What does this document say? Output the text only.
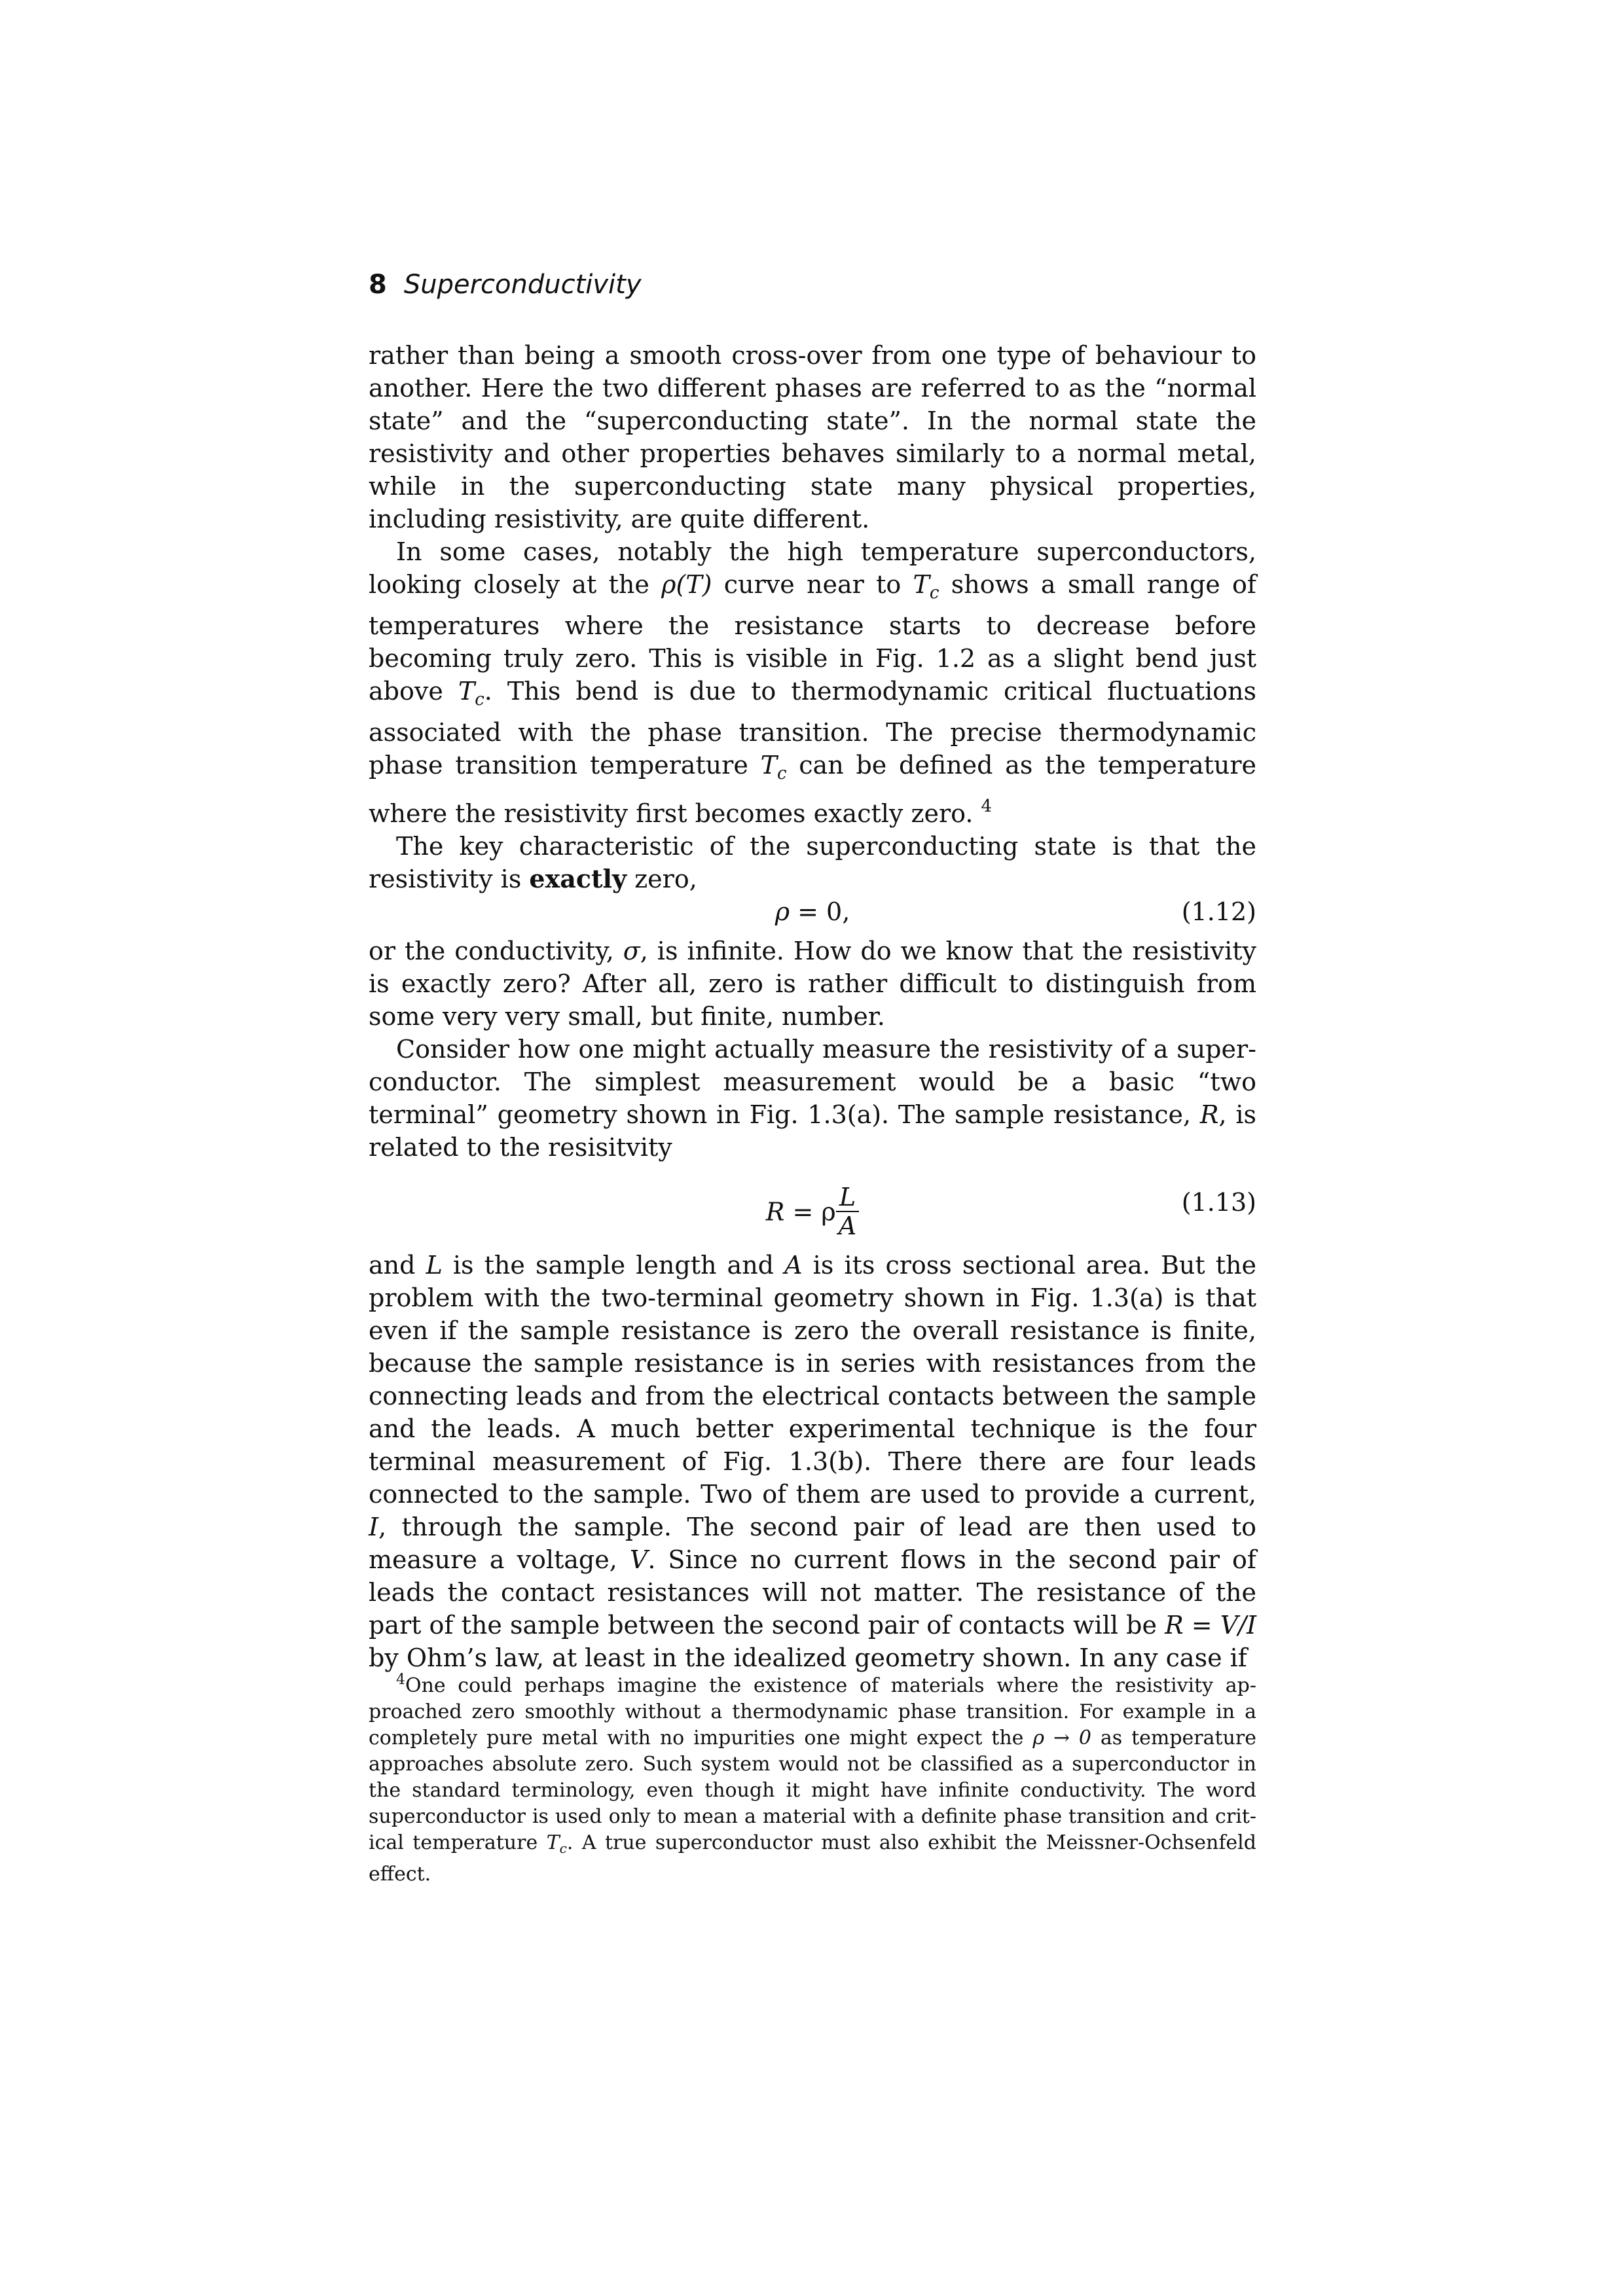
8 Superconductivity

rather than being a smooth cross-over from one type of behaviour to another. Here the two different phases are referred to as the “normal state” and the “superconducting state”. In the normal state the resistivity and other properties behaves similarly to a normal metal, while in the superconducting state many physical properties, including resistivity, are quite different.

In some cases, notably the high temperature superconductors, looking closely at the ρ(T) curve near to $T_c$ shows a small range of temperatures where the resistance starts to decrease before becoming truly zero. This is visible in Fig. 1.2 as a slight bend just above $T_c$. This bend is due to thermodynamic critical fluctuations associated with the phase transition. The precise thermodynamic phase transition temperature $T_c$ can be defined as the temperature where the resistivity first becomes exactly zero. $^4$

The key characteristic of the superconducting state is that the resistivity is exactly zero,

ρ = 0,	(1.12)

or the conductivity, σ, is infinite. How do we know that the resistivity is exactly zero? After all, zero is rather difficult to distinguish from some very very small, but finite, number.

Consider how one might actually measure the resistivity of a superconductor. The simplest measurement would be a basic “two terminal” geometry shown in Fig. 1.3(a). The sample resistance, R, is related to the resisitvity

R = ρ $\frac{L}{A}$	(1.13)

and L is the sample length and A is its cross sectional area. But the problem with the two-terminal geometry shown in Fig. 1.3(a) is that even if the sample resistance is zero the overall resistance is finite, because the sample resistance is in series with resistances from the connecting leads and from the electrical contacts between the sample and the leads. A much better experimental technique is the four terminal measurement of Fig. 1.3(b). There there are four leads connected to the sample. Two of them are used to provide a current, I, through the sample. The second pair of lead are then used to measure a voltage, V. Since no current flows in the second pair of leads the contact resistances will not matter. The resistance of the part of the sample between the second pair of contacts will be R = V/I by Ohm’s law, at least in the idealized geometry shown. In any case if

$^4$One could perhaps imagine the existence of materials where the resistivity approached zero smoothly without a thermodynamic phase transition. For example in a completely pure metal with no impurities one might expect the ρ → 0 as temperature approaches absolute zero. Such system would not be classified as a superconductor in the standard terminology, even though it might have infinite conductivity. The word superconductor is used only to mean a material with a definite phase transition and critical temperature $T_c$. A true superconductor must also exhibit the Meissner-Ochsenfeld effect.
